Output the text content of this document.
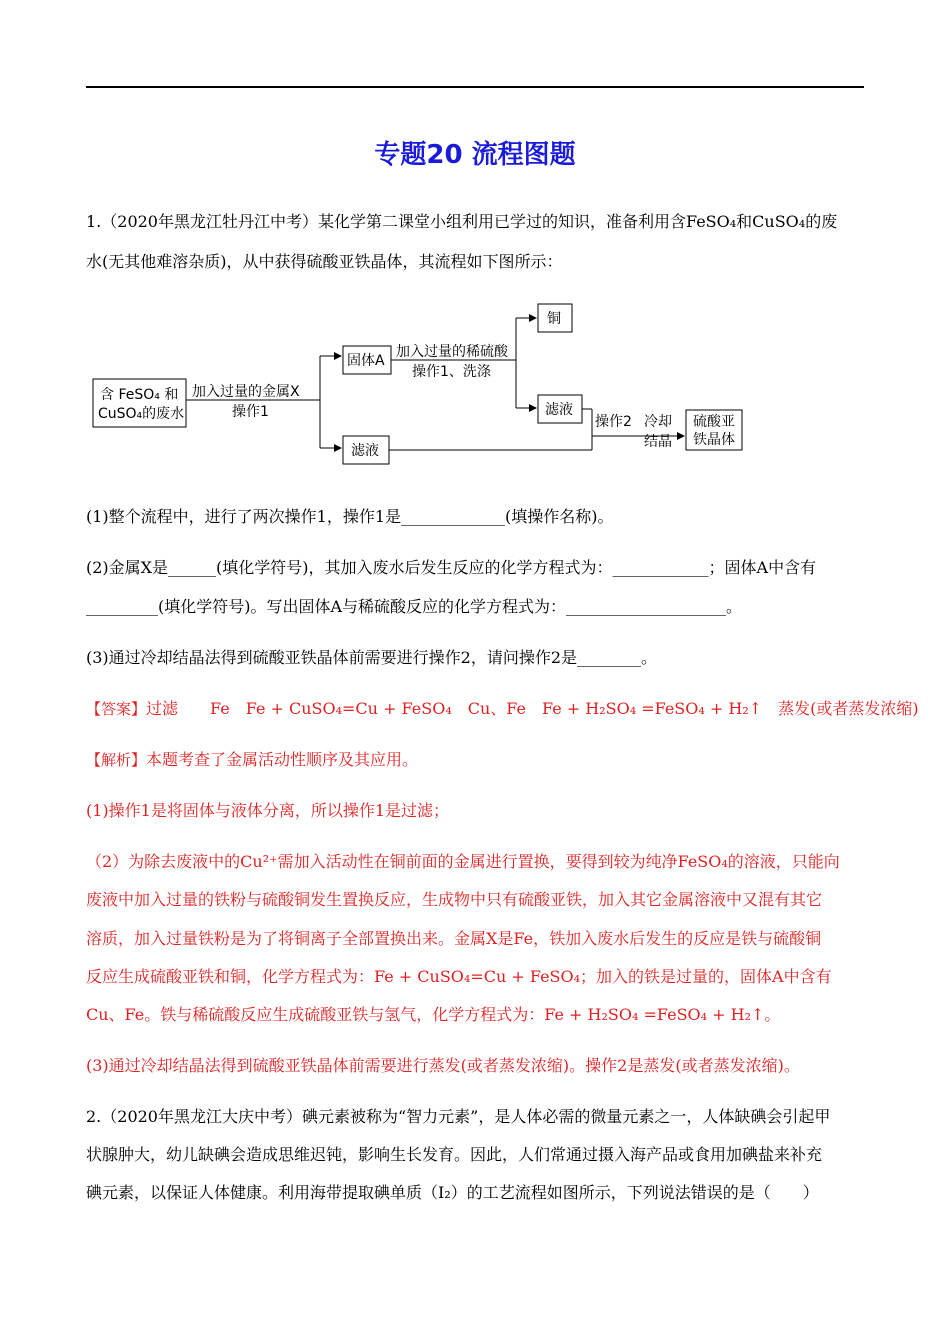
专题20 流程图题
1.（2020年黑龙江牡丹江中考）某化学第二课堂小组利用已学过的知识，准备利用含FeSO₄和CuSO₄的废
水(无其他难溶杂质)，从中获得硫酸亚铁晶体，其流程如下图所示：
含 FeSO₄ 和
CuSO₄的废水
加入过量的金属X
操作1
固体A
加入过量的稀硫酸
操作1、洗涤
铜
滤液
滤液
操作2 冷却
结晶
硫酸亚
铁晶体
(1)整个流程中，进行了两次操作1，操作1是_____________(填操作名称)。
(2)金属X是______(填化学符号)，其加入废水后发生反应的化学方程式为：____________；固体A中含有
_________(填化学符号)。写出固体A与稀硫酸反应的化学方程式为：____________________。
(3)通过冷却结晶法得到硫酸亚铁晶体前需要进行操作2，请问操作2是________。
【答案】过滤　　Fe　Fe + CuSO₄=Cu + FeSO₄　Cu、Fe　Fe + H₂SO₄ =FeSO₄ + H₂↑　蒸发(或者蒸发浓缩)
【解析】本题考查了金属活动性顺序及其应用。
(1)操作1是将固体与液体分离，所以操作1是过滤；
（2）为除去废液中的Cu²⁺需加入活动性在铜前面的金属进行置换，要得到较为纯净FeSO₄的溶液，只能向
废液中加入过量的铁粉与硫酸铜发生置换反应，生成物中只有硫酸亚铁，加入其它金属溶液中又混有其它
溶质，加入过量铁粉是为了将铜离子全部置换出来。金属X是Fe，铁加入废水后发生的反应是铁与硫酸铜
反应生成硫酸亚铁和铜，化学方程式为：Fe + CuSO₄=Cu + FeSO₄；加入的铁是过量的，固体A中含有
Cu、Fe。铁与稀硫酸反应生成硫酸亚铁与氢气，化学方程式为：Fe + H₂SO₄ =FeSO₄ + H₂↑。
(3)通过冷却结晶法得到硫酸亚铁晶体前需要进行蒸发(或者蒸发浓缩)。操作2是蒸发(或者蒸发浓缩)。
2.（2020年黑龙江大庆中考）碘元素被称为“智力元素”，是人体必需的微量元素之一，人体缺碘会引起甲
状腺肿大，幼儿缺碘会造成思维迟钝，影响生长发育。因此，人们常通过摄入海产品或食用加碘盐来补充
碘元素，以保证人体健康。利用海带提取碘单质（I₂）的工艺流程如图所示，下列说法错误的是（　　）
